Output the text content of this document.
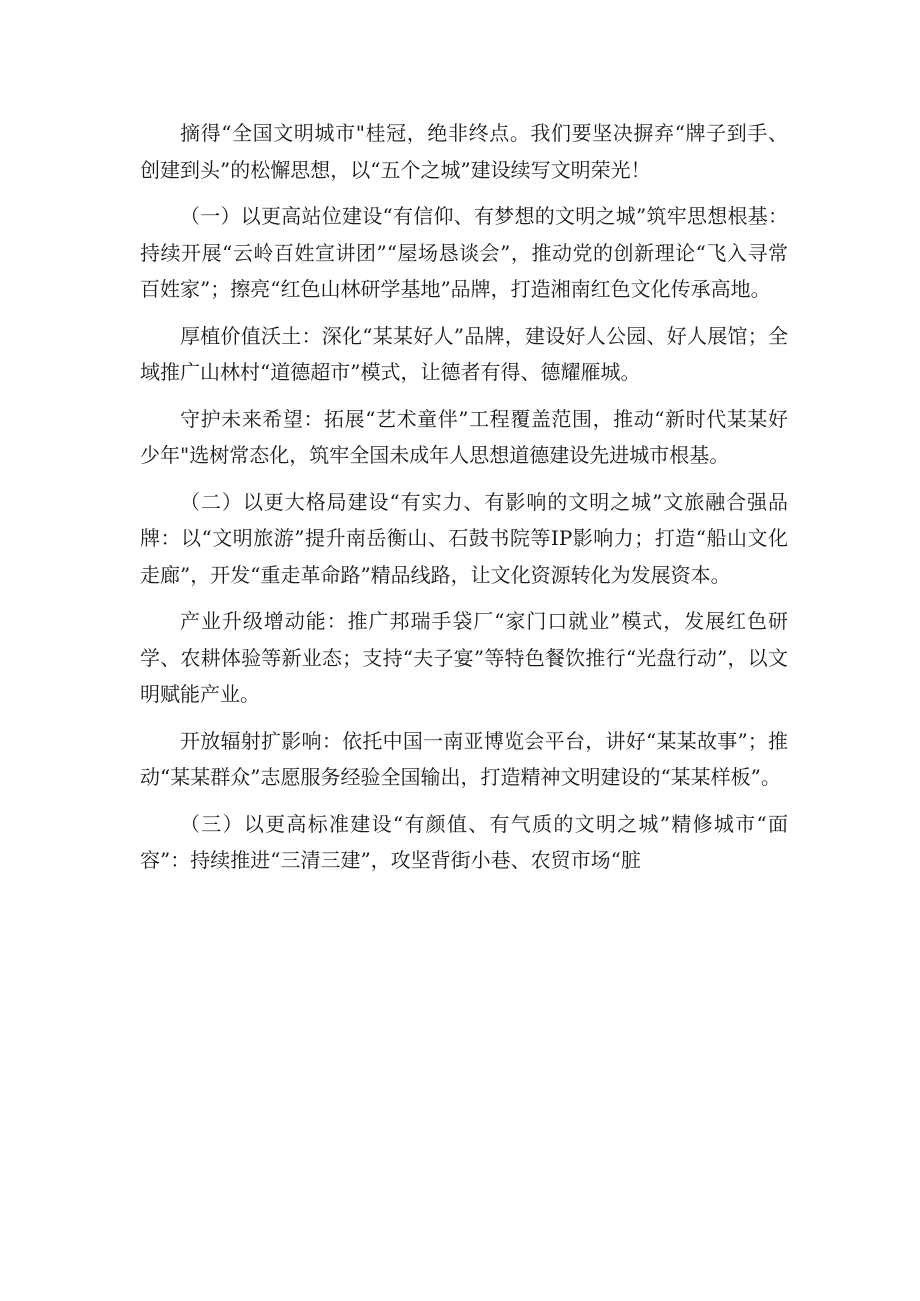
摘得“全国文明城市"桂冠，绝非终点。我们要坚决摒弃“牌子到手、创建到头”的松懈思想，以“五个之城”建设续写文明荣光！

（一）以更高站位建设“有信仰、有梦想的文明之城”筑牢思想根基：持续开展“云岭百姓宣讲团”“屋场恳谈会”，推动党的创新理论“飞入寻常百姓家”；擦亮“红色山林研学基地”品牌，打造湘南红色文化传承高地。

厚植价值沃土：深化“某某好人”品牌，建设好人公园、好人展馆；全域推广山林村“道德超市”模式，让德者有得、德耀雁城。

守护未来希望：拓展“艺术童伴”工程覆盖范围，推动“新时代某某好少年"选树常态化，筑牢全国未成年人思想道德建设先进城市根基。

（二）以更大格局建设“有实力、有影响的文明之城”文旅融合强品牌：以“文明旅游”提升南岳衡山、石鼓书院等IP影响力；打造“船山文化走廊”，开发“重走革命路”精品线路，让文化资源转化为发展资本。

产业升级增动能：推广邦瑞手袋厂“家门口就业”模式，发展红色研学、农耕体验等新业态；支持“夫子宴”等特色餐饮推行“光盘行动”，以文明赋能产业。

开放辐射扩影响：依托中国一南亚博览会平台，讲好“某某故事”；推动“某某群众”志愿服务经验全国输出，打造精神文明建设的“某某样板”。

（三）以更高标准建设“有颜值、有气质的文明之城”精修城市“面容”：持续推进“三清三建”，攻坚背街小巷、农贸市场“脏
